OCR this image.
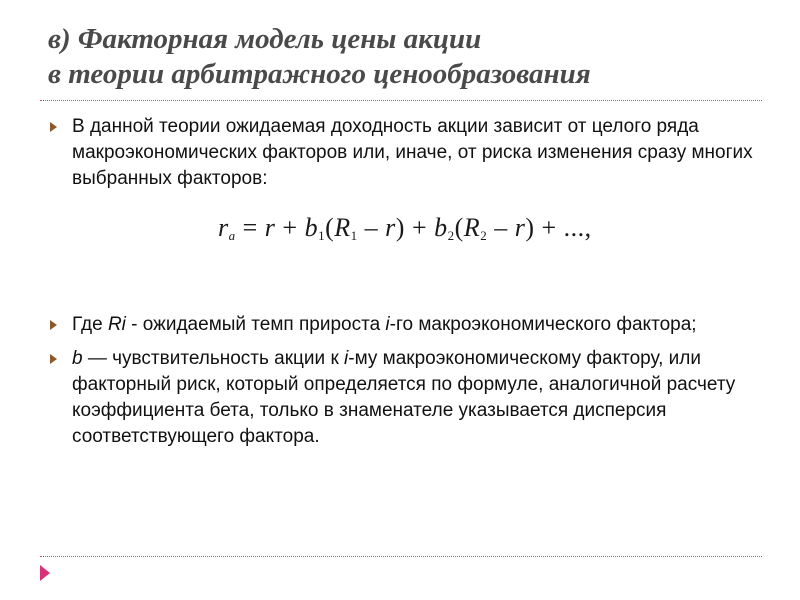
в) Факторная модель цены акции
в теории арбитражного ценообразования
В данной теории ожидаемая доходность акции зависит от целого ряда макроэкономических факторов или, иначе, от риска изменения сразу многих выбранных факторов:
Где Ri - ожидаемый темп прироста i-го макроэкономического фактора;
b — чувствительность акции к i-му макроэкономическому фактору, или факторный риск, который определяется по формуле, аналогичной расчету коэффициента бета, только в знаменателе указывается дисперсия соответствующего фактора.
$r_a = r + b_1(R_1 - r) + b_2(R_2 - r)$ + ...,
